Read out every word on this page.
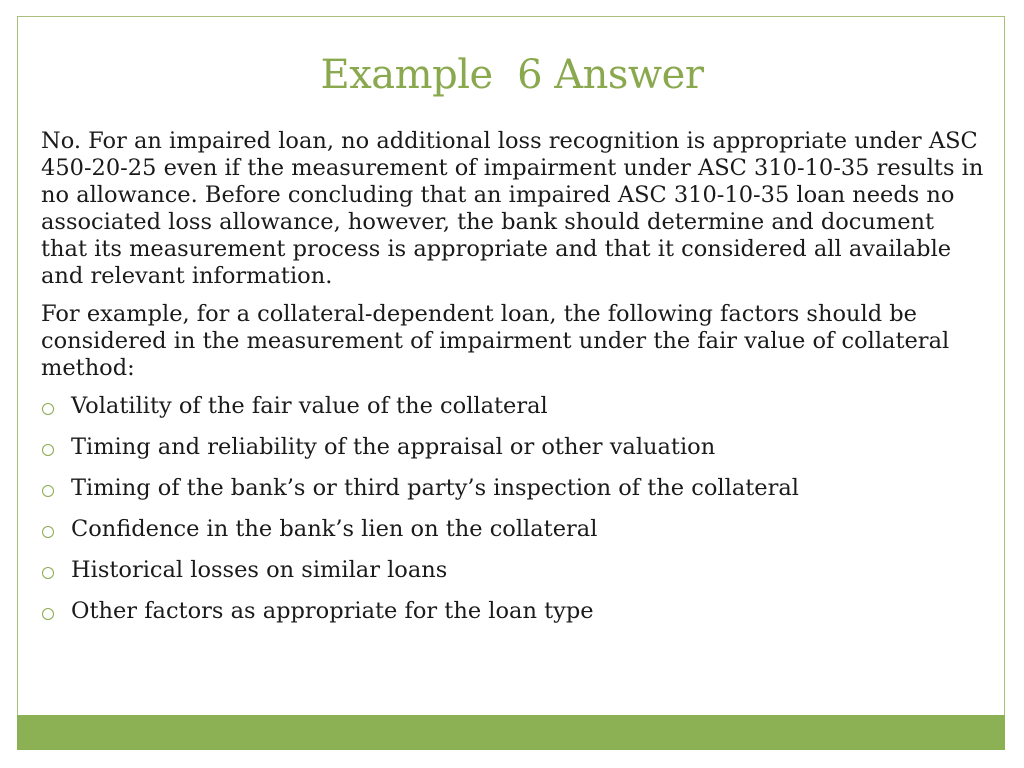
Example  6 Answer

No. For an impaired loan, no additional loss recognition is appropriate under ASC 450-20-25 even if the measurement of impairment under ASC 310-10-35 results in no allowance. Before concluding that an impaired ASC 310-10-35 loan needs no associated loss allowance, however, the bank should determine and document that its measurement process is appropriate and that it considered all available and relevant information.

For example, for a collateral-dependent loan, the following factors should be considered in the measurement of impairment under the fair value of collateral method:

Volatility of the fair value of the collateral
Timing and reliability of the appraisal or other valuation
Timing of the bank’s or third party’s inspection of the collateral
Confidence in the bank’s lien on the collateral
Historical losses on similar loans
Other factors as appropriate for the loan type
